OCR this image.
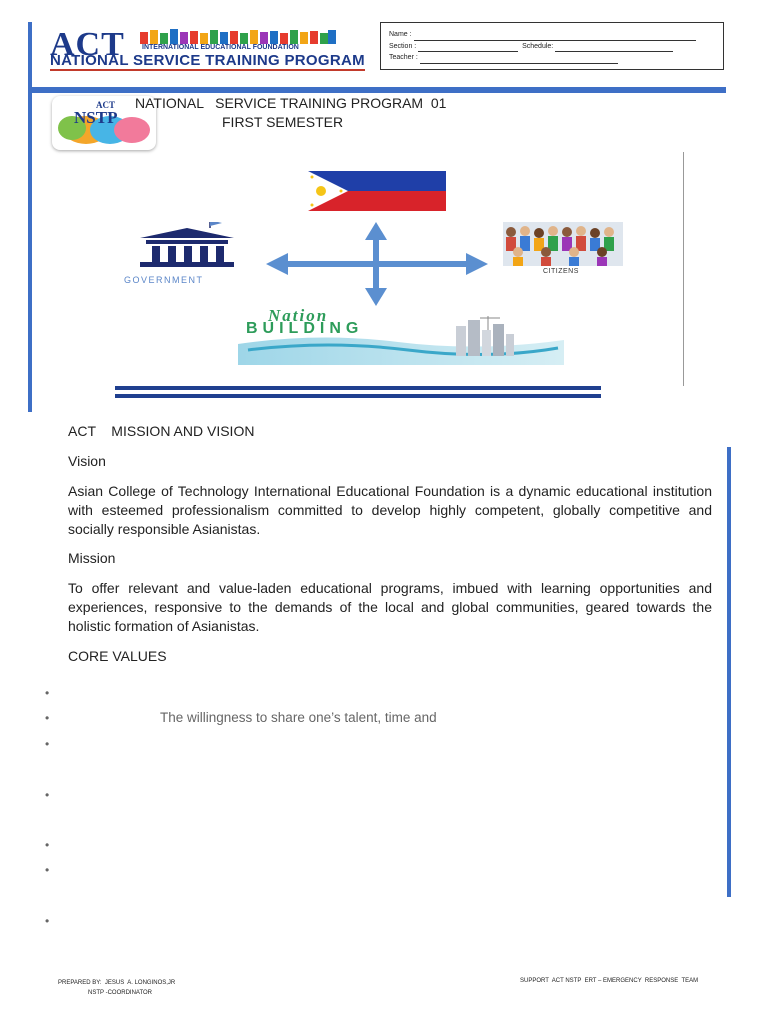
ACT INTERNATIONAL EDUCATIONAL FOUNDATION
NATIONAL SERVICE TRAINING PROGRAM
Name :
Section :	Schedule:
Teacher :
ACT
NSTP
NATIONAL   SERVICE TRAINING PROGRAM  01
FIRST SEMESTER
GOVERNMENT
CITIZENS
Nation
BUILDING
ACT    MISSION AND VISION
Vision
Asian College of Technology International Educational Foundation is a dynamic educational institution with esteemed professionalism committed to develop highly competent, globally competitive and socially responsible Asianistas.
Mission
To offer relevant and value-laden educational programs, imbued with learning opportunities and experiences, responsive to the demands of the local and global communities, geared towards the holistic formation of Asianistas.
CORE VALUES
•
•
•
•
•
•
•
The willingness to share one’s talent, time and
PREPARED BY:  JESUS  A. LONGINOS,JR
NSTP -COORDINATOR
SUPPORT  ACT NSTP  ERT – EMERGENCY  RESPONSE  TEAM
